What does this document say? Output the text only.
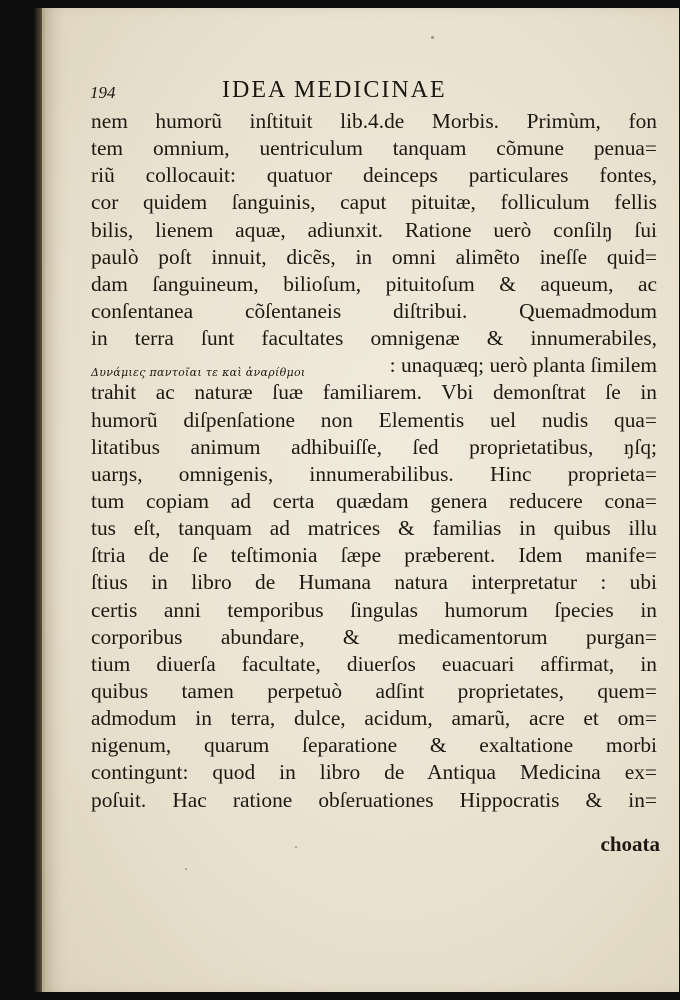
194	IDEA MEDICINAE
nem humorũ inſtituit lib.4.de Morbis. Primùm, fon
tem omnium, uentriculum tanquam cõmune penua=
riũ collocauit: quatuor deinceps particulares fontes,
cor quidem ſanguinis, caput pituitæ, folliculum fellis
bilis, lienem aquæ, adiunxit. Ratione uerò conſilŋ ſui
paulò poſt innuit, dicẽs, in omni alimẽto ineſſe quid=
dam ſanguineum, bilioſum, pituitoſum & aqueum, ac
conſentanea cõſentaneis diſtribui. Quemadmodum
in terra ſunt facultates omnigenæ & innumerabiles,
Δυνάμιες παντοῖαι τε καὶ ἀναρίθμοι	: unaquæq; uerò planta ſimilem
trahit ac naturæ ſuæ familiarem. Vbi demonſtrat ſe in
humorũ diſpenſatione non Elementis uel nudis qua=
litatibus animum adhibuiſſe, ſed proprietatibus, ŋſq;
uarŋs, omnigenis, innumerabilibus. Hinc proprieta=
tum copiam ad certa quædam genera reducere cona=
tus eſt, tanquam ad matrices & familias in quibus illu
ſtria de ſe teſtimonia ſæpe præberent. Idem manife=
ſtius in libro de Humana natura interpretatur : ubi
certis anni temporibus ſingulas humorum ſpecies in
corporibus abundare, & medicamentorum purgan=
tium diuerſa facultate, diuerſos euacuari affirmat, in
quibus tamen perpetuò adſint proprietates, quem=
admodum in terra, dulce, acidum, amarũ, acre et om=
nigenum, quarum ſeparatione & exaltatione morbi
contingunt: quod in libro de Antiqua Medicina ex=
poſuit. Hac ratione obſeruationes Hippocratis & in=
choata
